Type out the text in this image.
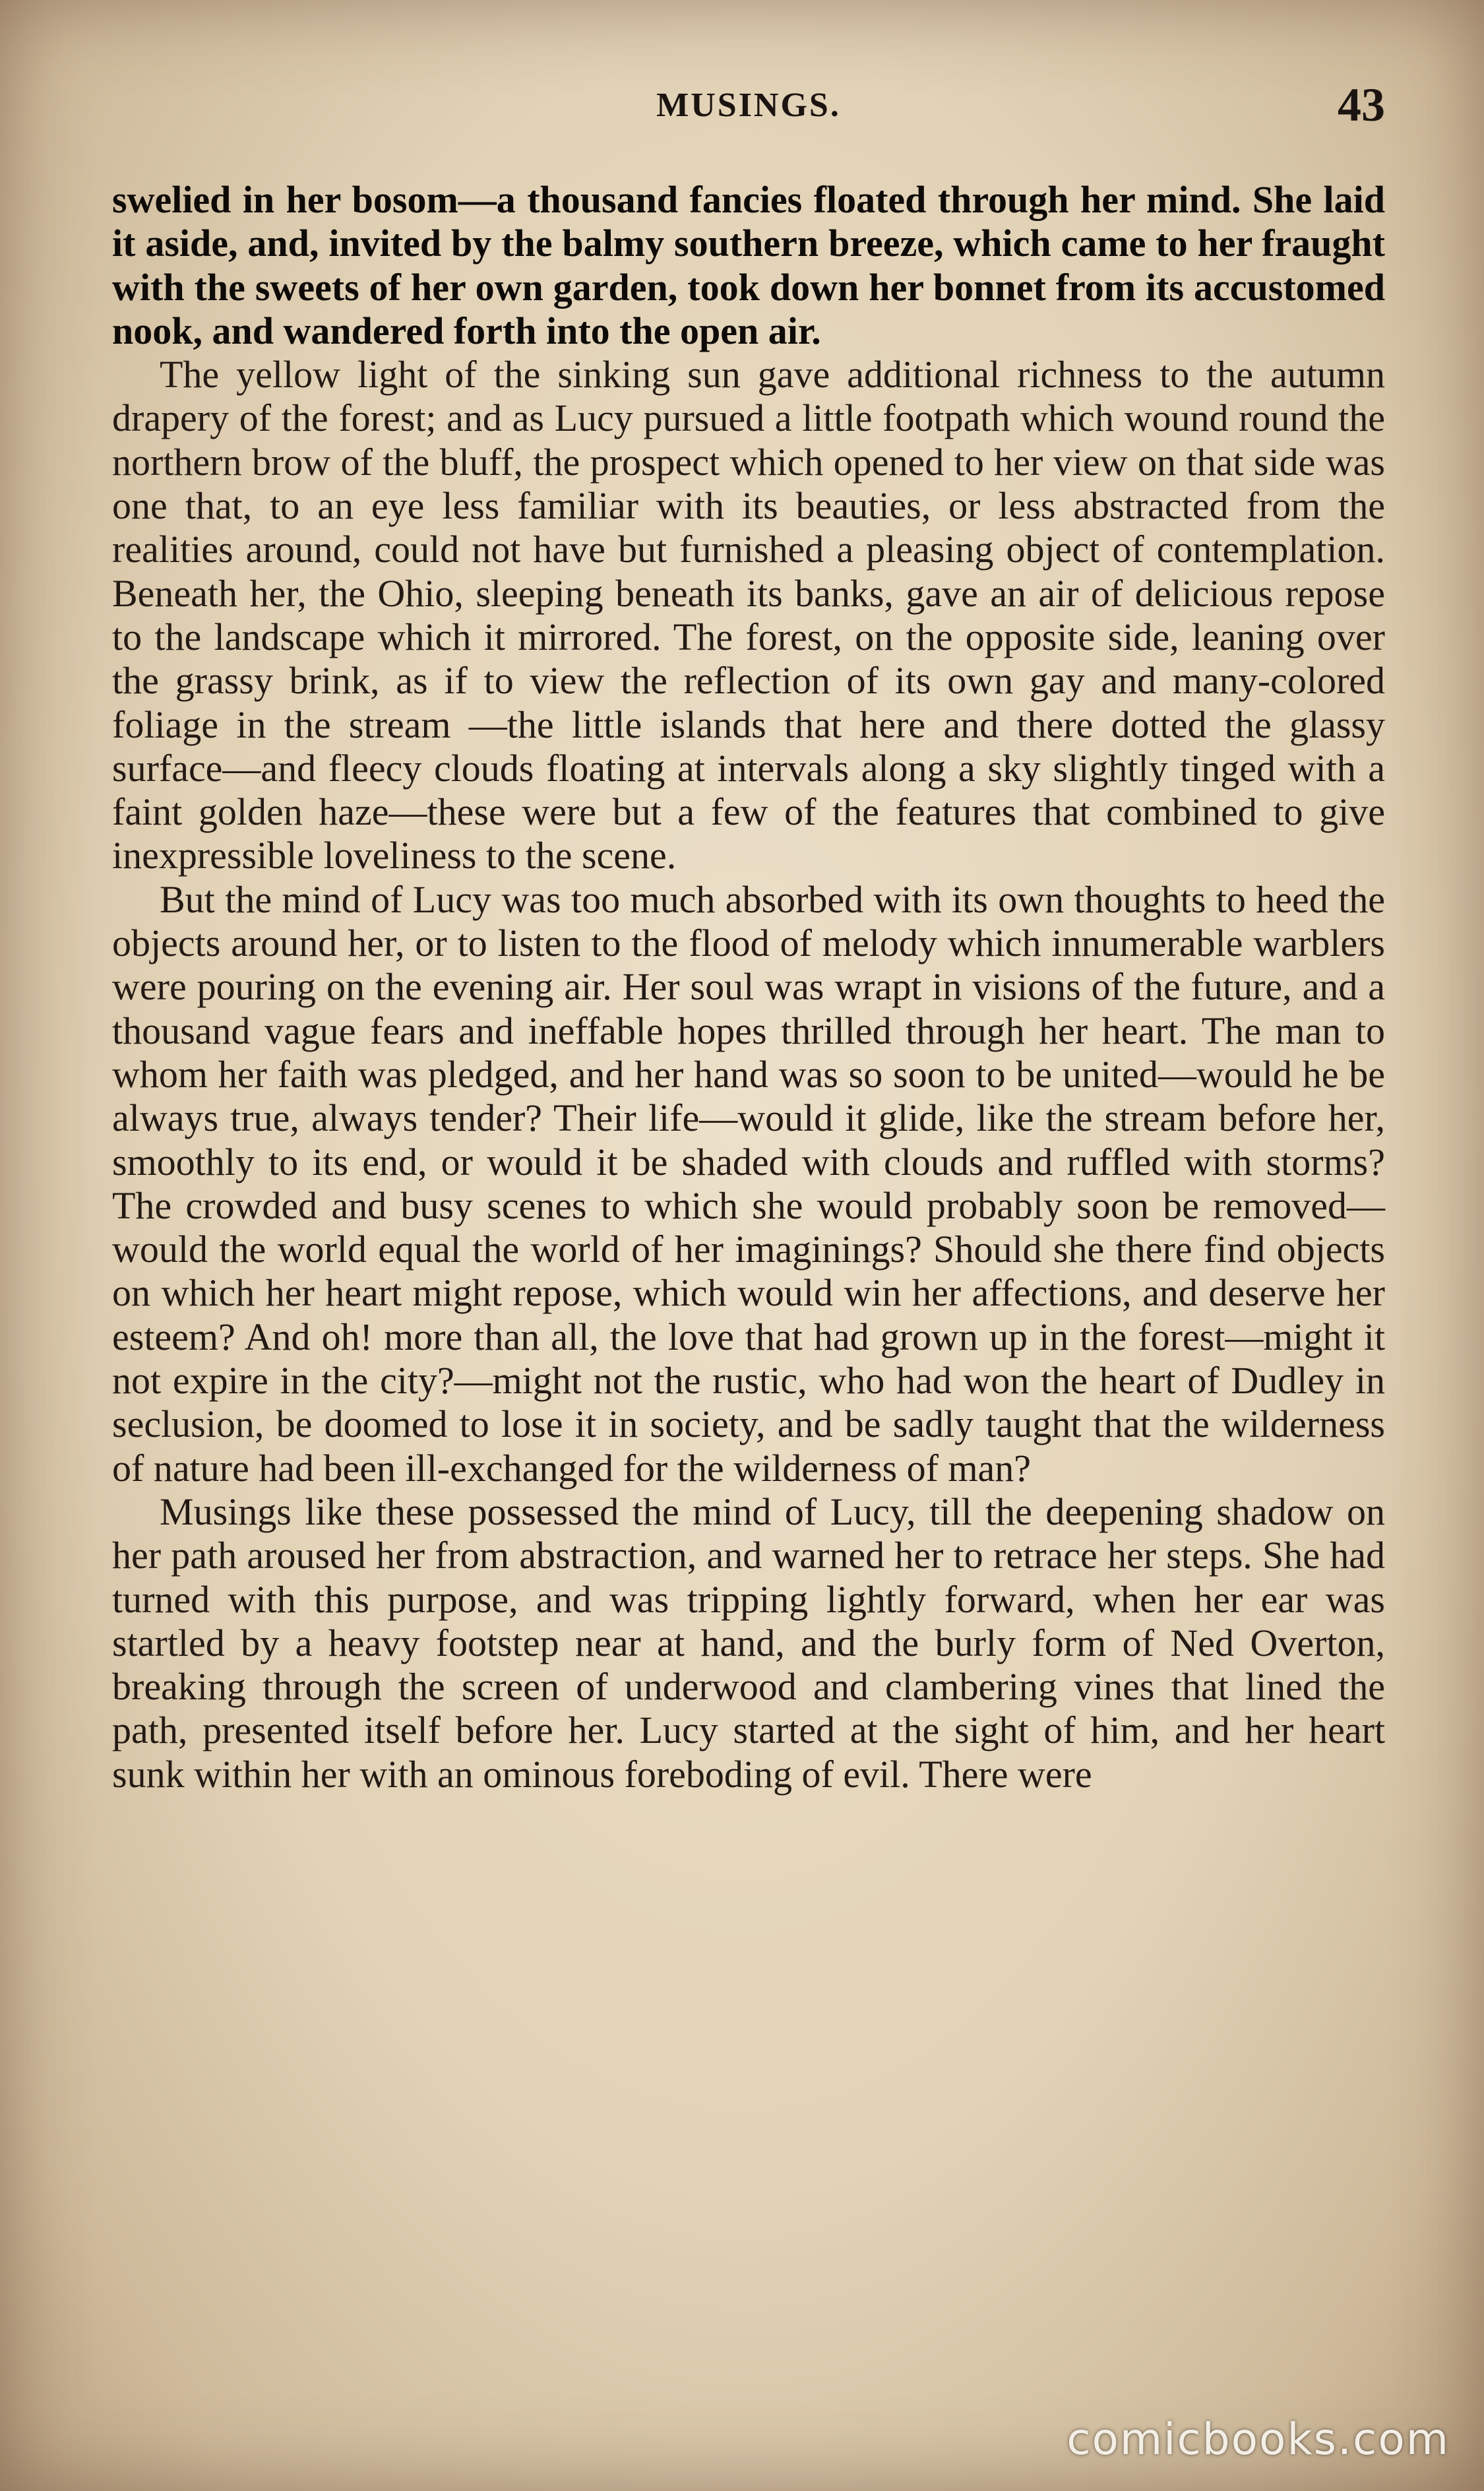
MUSINGS.	43

swelied in her bosom—a thousand fancies floated through her mind. She laid it aside, and, invited by the balmy southern breeze, which came to her fraught with the sweets of her own garden, took down her bonnet from its accustomed nook, and wandered forth into the open air.

The yellow light of the sinking sun gave additional richness to the autumn drapery of the forest; and as Lucy pursued a little footpath which wound round the northern brow of the bluff, the prospect which opened to her view on that side was one that, to an eye less familiar with its beauties, or less abstracted from the realities around, could not have but furnished a pleasing object of contemplation. Beneath her, the Ohio, sleeping beneath its banks, gave an air of delicious repose to the landscape which it mirrored. The forest, on the opposite side, leaning over the grassy brink, as if to view the reflection of its own gay and many-colored foliage in the stream —the little islands that here and there dotted the glassy surface—and fleecy clouds floating at intervals along a sky slightly tinged with a faint golden haze—these were but a few of the features that combined to give inexpressible loveliness to the scene.

But the mind of Lucy was too much absorbed with its own thoughts to heed the objects around her, or to listen to the flood of melody which innumerable warblers were pouring on the evening air. Her soul was wrapt in visions of the future, and a thousand vague fears and ineffable hopes thrilled through her heart. The man to whom her faith was pledged, and her hand was so soon to be united—would he be always true, always tender? Their life—would it glide, like the stream before her, smoothly to its end, or would it be shaded with clouds and ruffled with storms? The crowded and busy scenes to which she would probably soon be removed—would the world equal the world of her imaginings? Should she there find objects on which her heart might repose, which would win her affections, and deserve her esteem? And oh! more than all, the love that had grown up in the forest—might it not expire in the city?—might not the rustic, who had won the heart of Dudley in seclusion, be doomed to lose it in society, and be sadly taught that the wilderness of nature had been ill-exchanged for the wilderness of man?

Musings like these possessed the mind of Lucy, till the deepening shadow on her path aroused her from abstraction, and warned her to retrace her steps. She had turned with this purpose, and was tripping lightly forward, when her ear was startled by a heavy footstep near at hand, and the burly form of Ned Overton, breaking through the screen of underwood and clambering vines that lined the path, presented itself before her. Lucy started at the sight of him, and her heart sunk within her with an ominous foreboding of evil. There were

comicbooks.com
